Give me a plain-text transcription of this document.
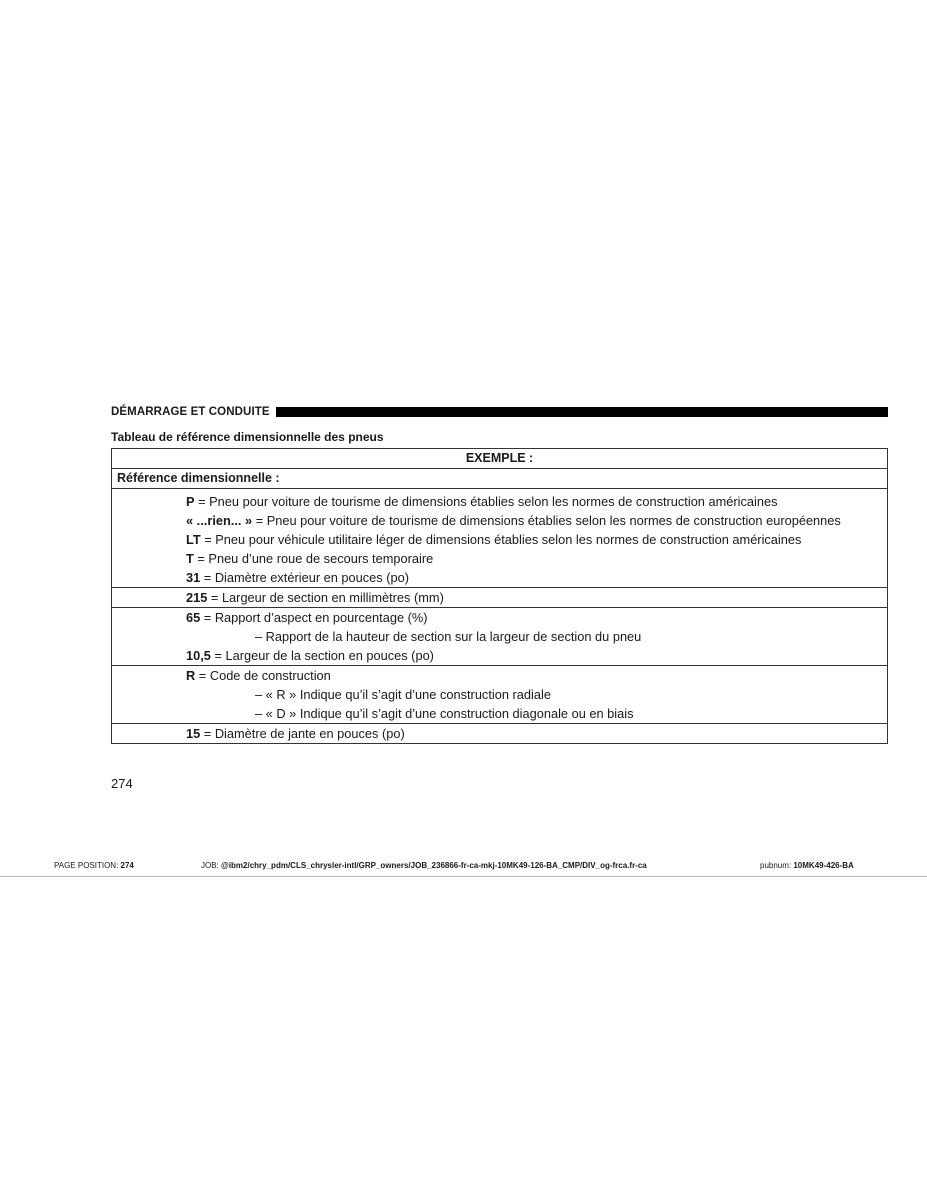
DÉMARRAGE ET CONDUITE
Tableau de référence dimensionnelle des pneus
EXEMPLE :
Référence dimensionnelle :
P = Pneu pour voiture de tourisme de dimensions établies selon les normes de construction américaines
« ...rien... » = Pneu pour voiture de tourisme de dimensions établies selon les normes de construction européennes
LT = Pneu pour véhicule utilitaire léger de dimensions établies selon les normes de construction américaines
T = Pneu d’une roue de secours temporaire
31 = Diamètre extérieur en pouces (po)
215 = Largeur de section en millimètres (mm)
65 = Rapport d’aspect en pourcentage (%)
– Rapport de la hauteur de section sur la largeur de section du pneu
10,5 = Largeur de la section en pouces (po)
R = Code de construction
– « R » Indique qu’il s’agit d’une construction radiale
– « D » Indique qu’il s’agit d’une construction diagonale ou en biais
15 = Diamètre de jante en pouces (po)
274
PAGE POSITION: 274	JOB: @ibm2/chry_pdm/CLS_chrysler-intl/GRP_owners/JOB_236866-fr-ca-mkj-10MK49-126-BA_CMP/DIV_og-frca.fr-ca	pubnum: 10MK49-426-BA
